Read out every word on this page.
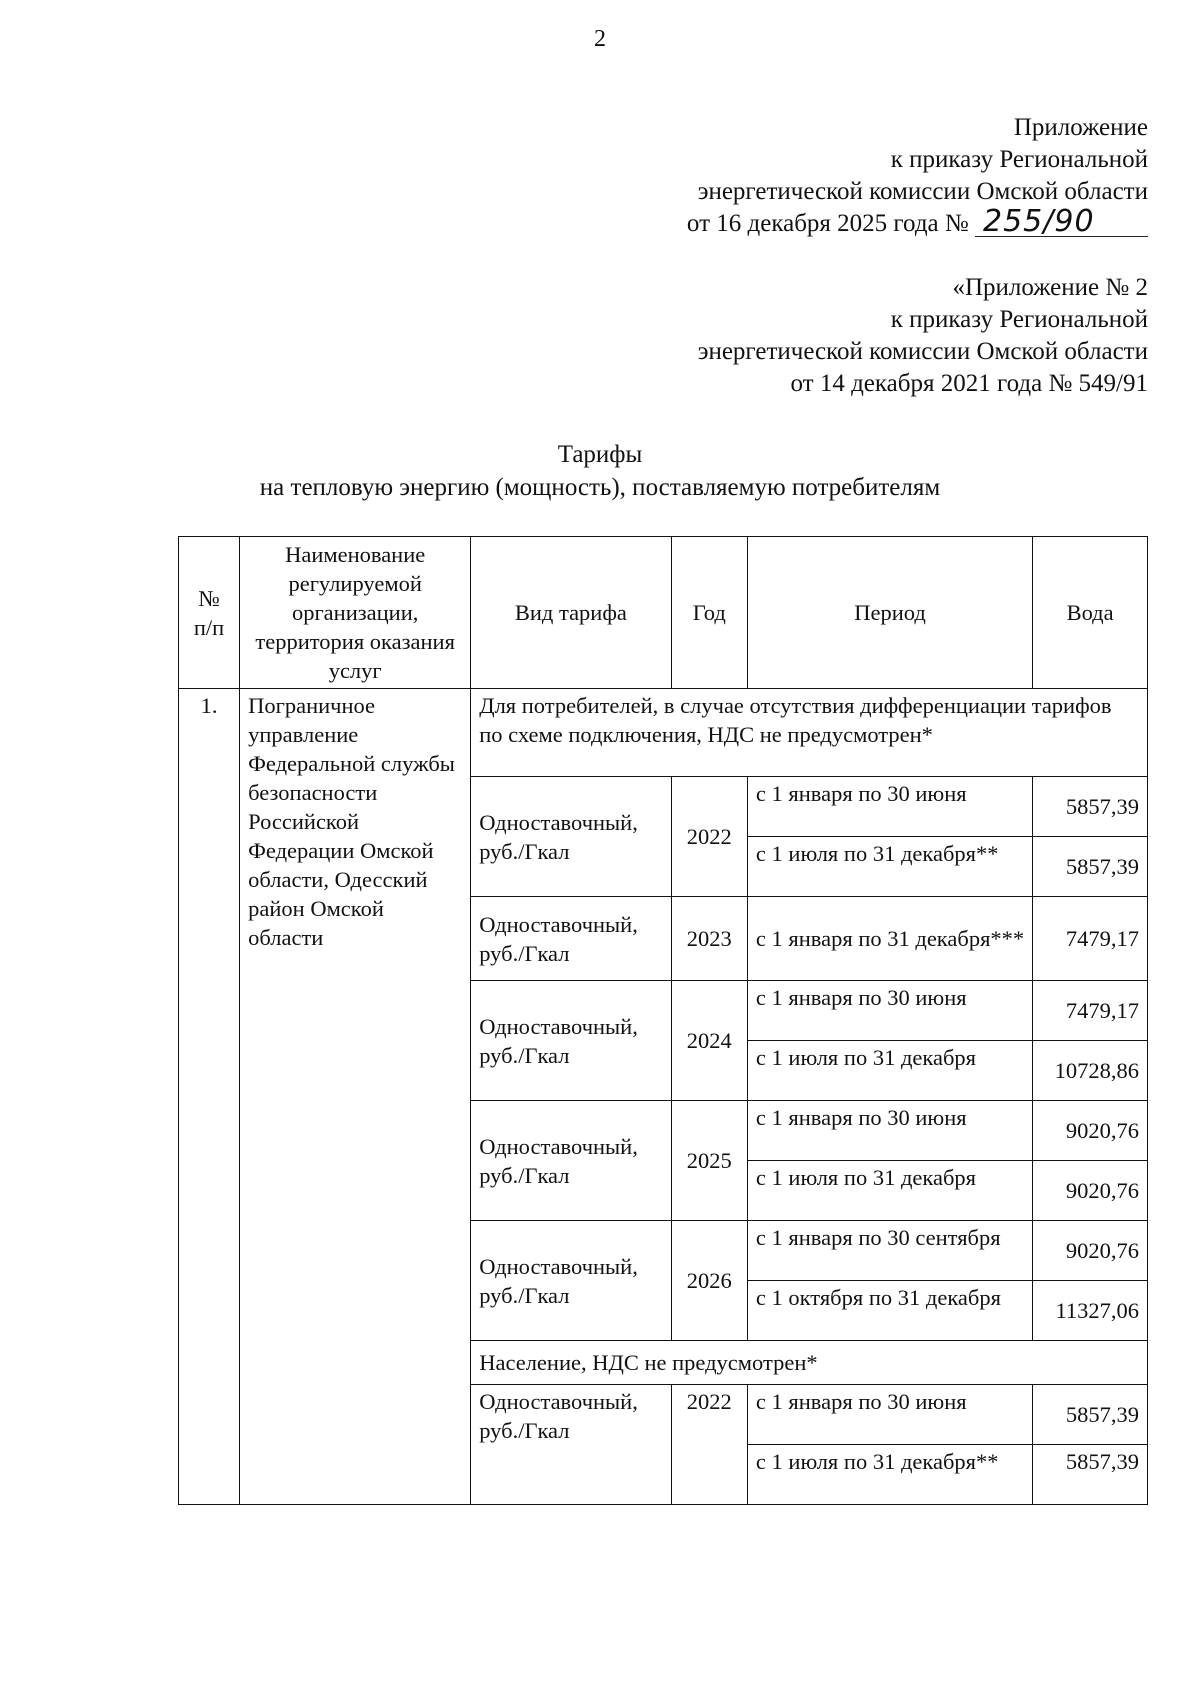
2
Приложение
к приказу Региональной
энергетической комиссии Омской области
от 16 декабря 2025 года № 255/90
«Приложение № 2
к приказу Региональной
энергетической комиссии Омской области
от 14 декабря 2021 года № 549/91
Тарифы
на тепловую энергию (мощность), поставляемую потребителям
№ п/п	Наименование регулируемой организации, территория оказания услуг	Вид тарифа	Год	Период	Вода
1.	Пограничное управление Федеральной службы безопасности Российской Федерации Омской области, Одесский район Омской области	Для потребителей, в случае отсутствия дифференциации тарифов по схеме подключения, НДС не предусмотрен*			
		Одноставочный, руб./Гкал	2022	с 1 января по 30 июня	5857,39
				с 1 июля по 31 декабря**	5857,39
		Одноставочный, руб./Гкал	2023	с 1 января по 31 декабря***	7479,17
		Одноставочный, руб./Гкал	2024	с 1 января по 30 июня	7479,17
				с 1 июля по 31 декабря	10728,86
		Одноставочный, руб./Гкал	2025	с 1 января по 30 июня	9020,76
				с 1 июля по 31 декабря	9020,76
		Одноставочный, руб./Гкал	2026	с 1 января по 30 сентября	9020,76
				с 1 октября по 31 декабря	11327,06
		Население, НДС не предусмотрен*			
		Одноставочный, руб./Гкал	2022	с 1 января по 30 июня	5857,39
				с 1 июля по 31 декабря**	5857,39
